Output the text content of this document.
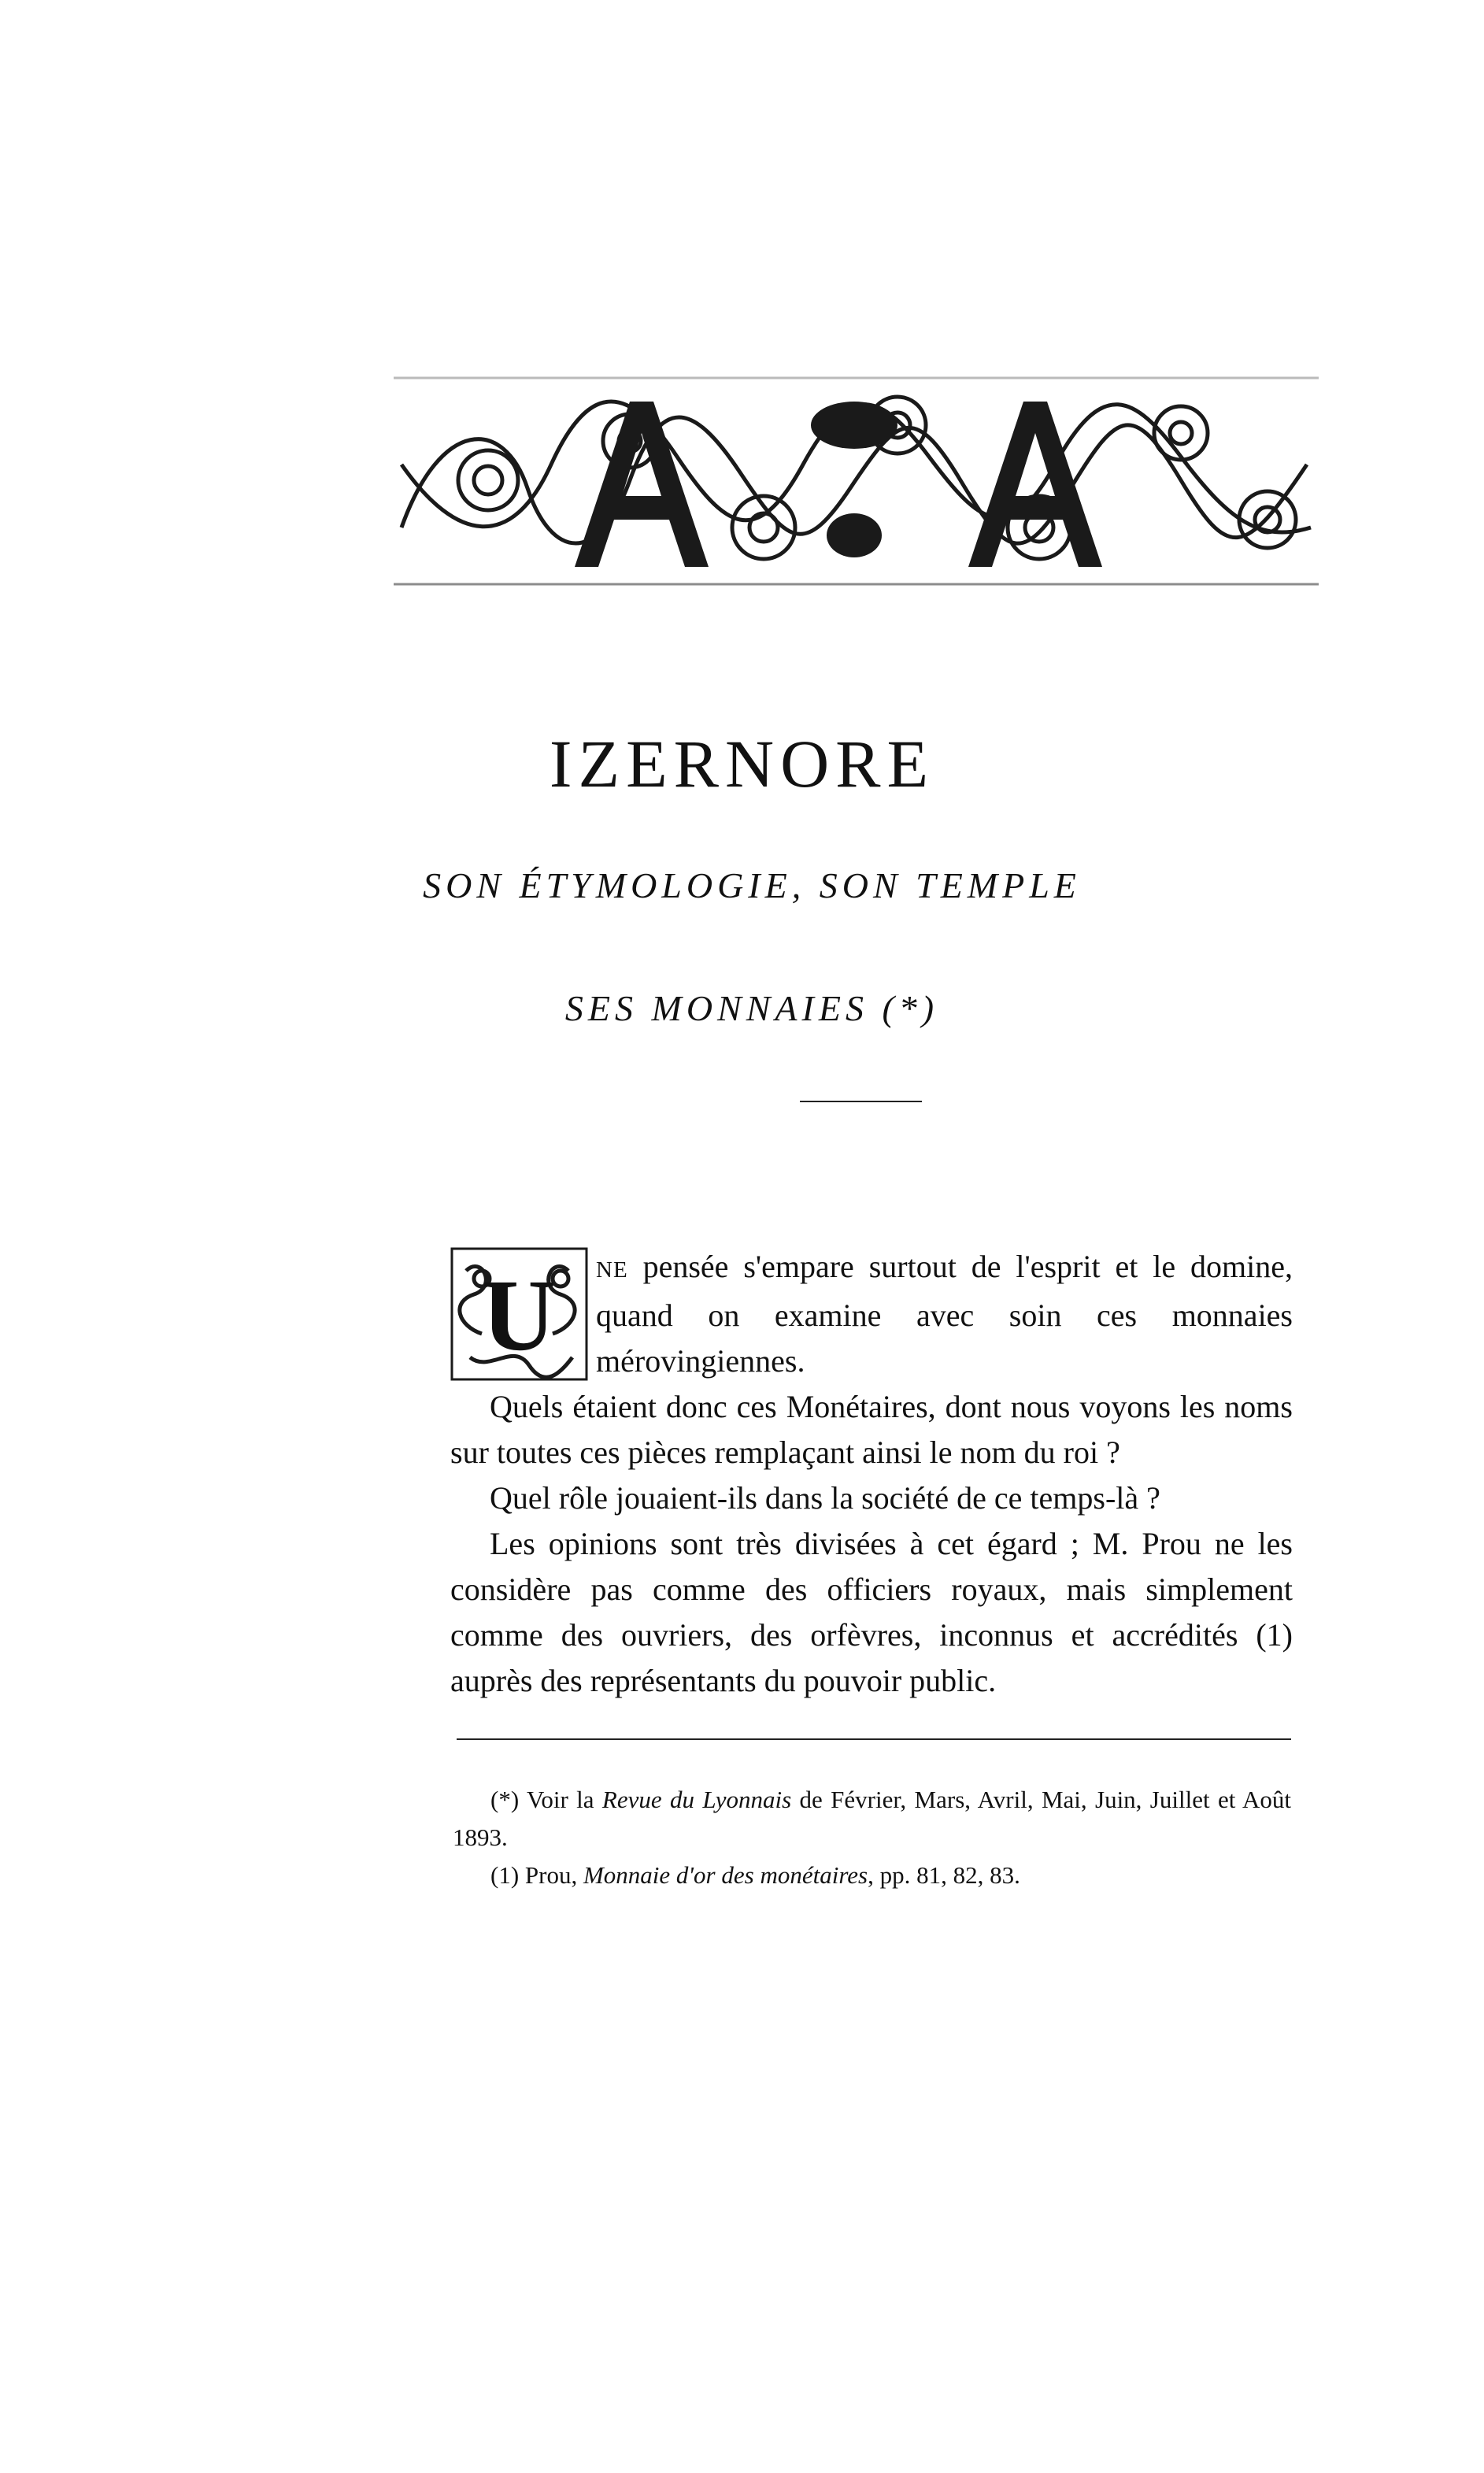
IZERNORE
SON ÉTYMOLOGIE, SON TEMPLE
SES MONNAIES (*)
U	NE pensée s'empare surtout de l'esprit et le domine, quand on examine avec soin ces monnaies mérovingiennes.

Quels étaient donc ces Monétaires, dont nous voyons les noms sur toutes ces pièces remplaçant ainsi le nom du roi ?

Quel rôle jouaient-ils dans la société de ce temps-là ?

Les opinions sont très divisées à cet égard ; M. Prou ne les considère pas comme des officiers royaux, mais simplement comme des ouvriers, des orfèvres, inconnus et accrédités (1) auprès des représentants du pouvoir public.

(*) Voir la Revue du Lyonnais de Février, Mars, Avril, Mai, Juin, Juillet et Août 1893.

(1) Prou, Monnaie d'or des monétaires, pp. 81, 82, 83.
